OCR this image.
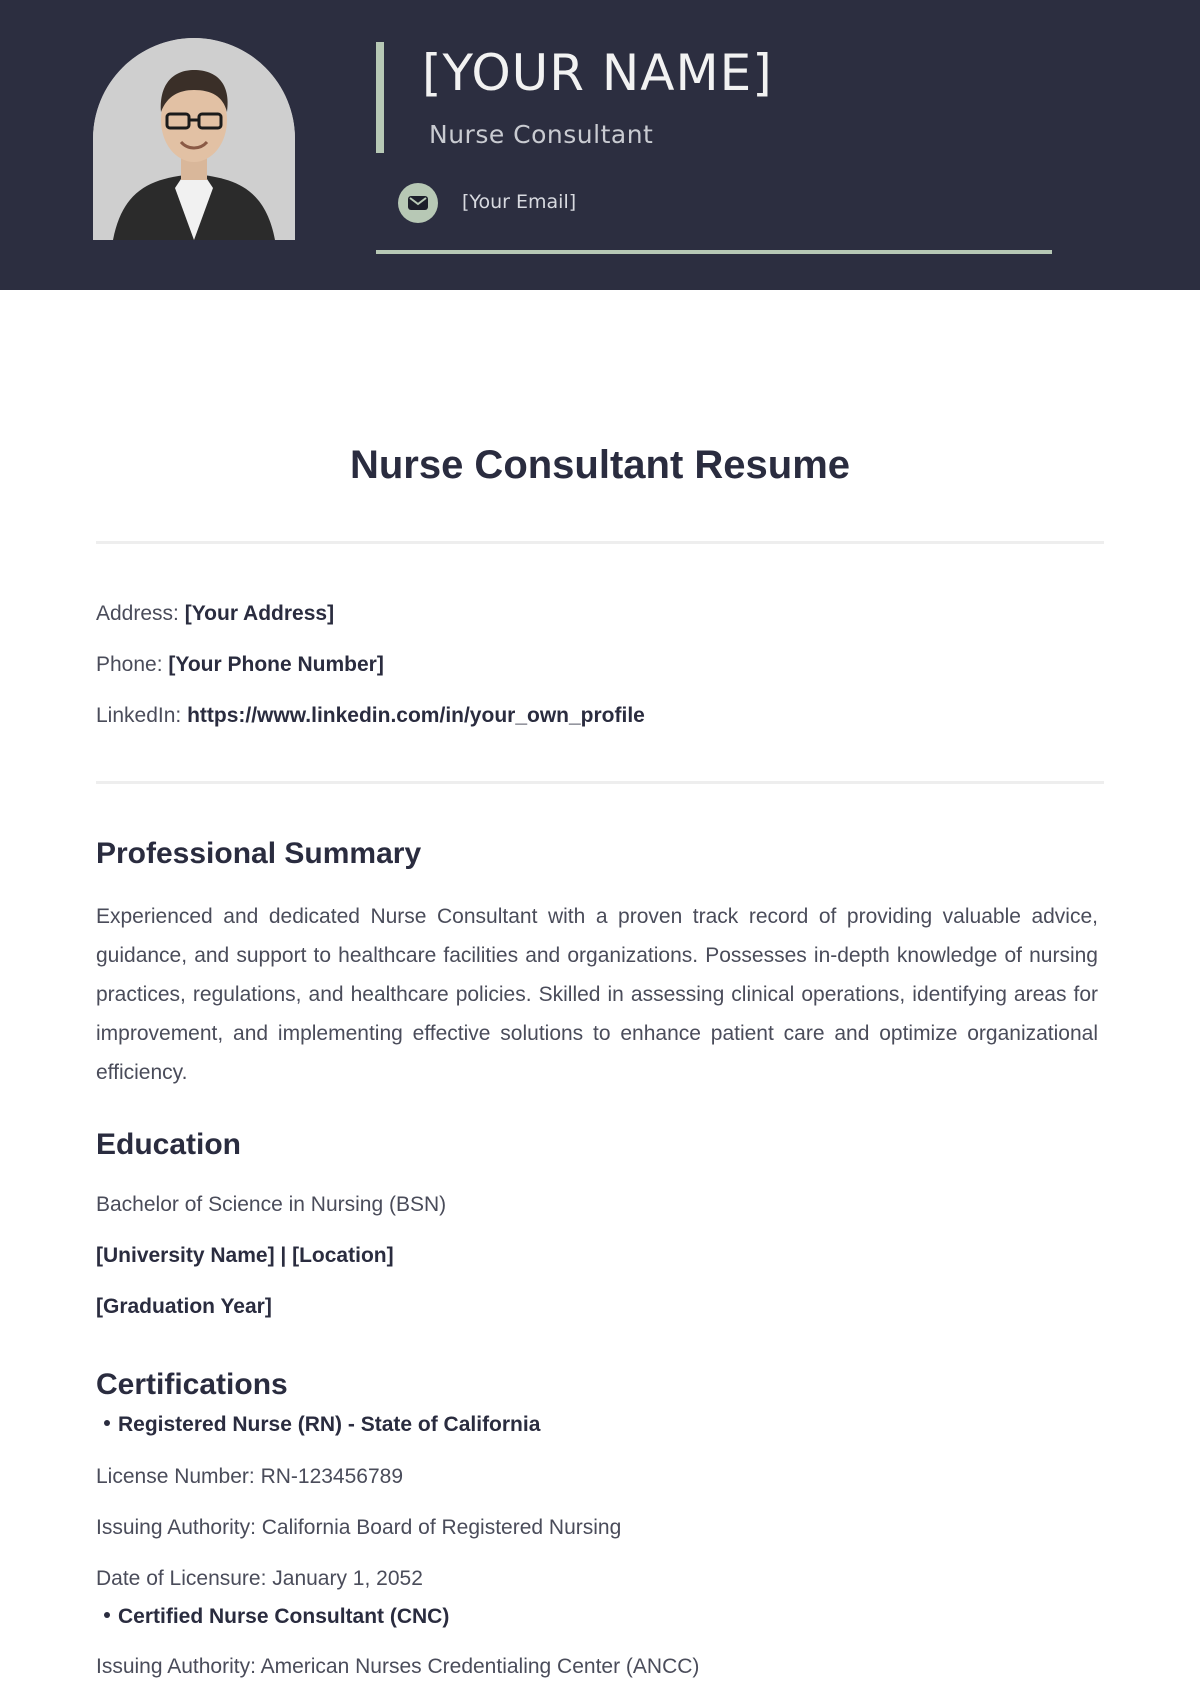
[YOUR NAME]
Nurse Consultant
[Your Email]
Nurse Consultant Resume
Address: [Your Address]
Phone: [Your Phone Number]
LinkedIn: https://www.linkedin.com/in/your_own_profile
Professional Summary
Experienced and dedicated Nurse Consultant with a proven track record of providing valuable advice, guidance, and support to healthcare facilities and organizations. Possesses in-depth knowledge of nursing practices, regulations, and healthcare policies. Skilled in assessing clinical operations, identifying areas for improvement, and implementing effective solutions to enhance patient care and optimize organizational efficiency.
Education
Bachelor of Science in Nursing (BSN)
[University Name] | [Location]
[Graduation Year]
Certifications
Registered Nurse (RN) - State of California
License Number: RN-123456789
Issuing Authority: California Board of Registered Nursing
Date of Licensure: January 1, 2052
Certified Nurse Consultant (CNC)
Issuing Authority: American Nurses Credentialing Center (ANCC)
